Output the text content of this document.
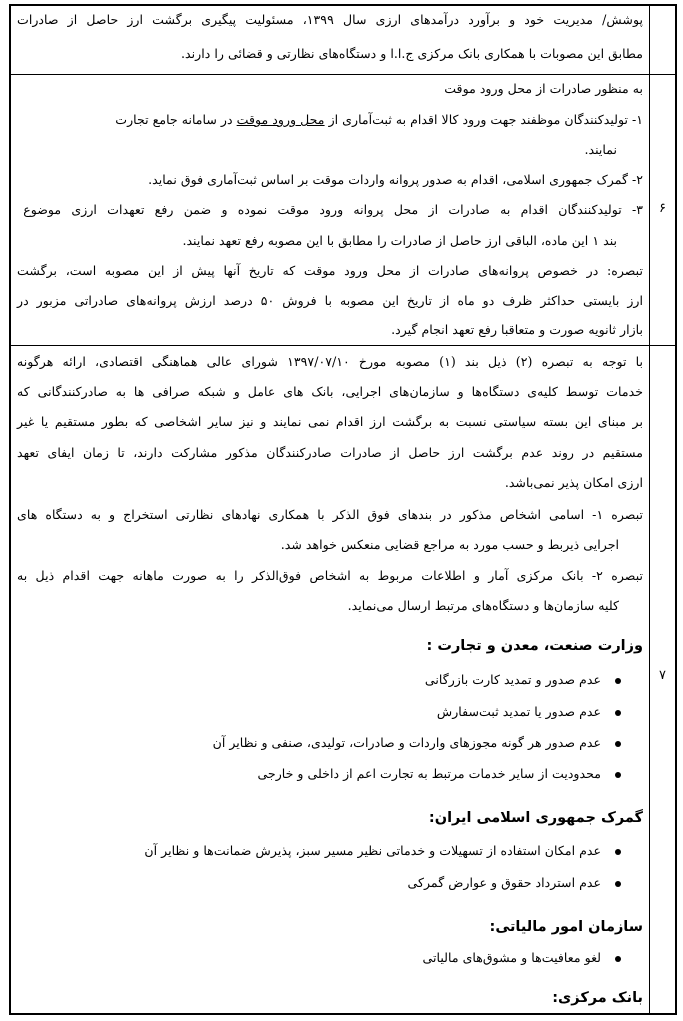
پوشش/ مدیریت خود و برآورد درآمدهای ارزی سال ۱۳۹۹، مسئولیت پیگیری برگشت ارز حاصل از صادرات
مطابق این مصوبات با همکاری بانک مرکزی ج.ا.ا و دستگاه‌های نظارتی و قضائی را دارند.
۶
به منظور صادرات از محل ورود موقت
۱- تولیدکنندگان موظفند جهت ورود کالا اقدام به ثبت‌آماری از محل ورود موقت در سامانه جامع تجارت
نمایند.
۲- گمرک جمهوری اسلامی، اقدام به صدور پروانه واردات موقت بر اساس ثبت‌آماری فوق نماید.
۳- تولیدکنندگان اقدام به صادرات از محل پروانه ورود موقت نموده و ضمن رفع تعهدات ارزی موضوع
بند ۱ این ماده، الباقی ارز حاصل از صادرات را مطابق با این مصوبه رفع تعهد نمایند.
تبصره: در خصوص پروانه‌های صادرات از محل ورود موقت که تاریخ آنها پیش از این مصوبه است، برگشت
ارز بایستی حداکثر ظرف دو ماه از تاریخ این مصوبه با فروش ۵۰ درصد ارزش پروانه‌های صادراتی مزبور در
بازار ثانویه صورت و متعاقبا رفع تعهد انجام گیرد.
۷
با توجه به تبصره (۲) ذیل بند (۱) مصوبه مورخ ۱۳۹۷/۰۷/۱۰ شورای عالی هماهنگی اقتصادی، ارائه هرگونه
خدمات توسط کلیه‌ی دستگاه‌ها و سازمان‌های اجرایی، بانک های عامل و شبکه صرافی ها به صادرکنندگانی که
بر مبنای این بسته سیاستی نسبت به برگشت ارز اقدام نمی نمایند و نیز سایر اشخاصی که بطور مستقیم یا غیر
مستقیم در روند عدم برگشت ارز حاصل از صادرات صادرکنندگان مذکور مشارکت دارند، تا زمان ایفای تعهد
ارزی امکان پذیر نمی‌باشد.
تبصره ۱- اسامی اشخاص مذکور در بندهای فوق الذکر با همکاری نهادهای نظارتی استخراج و به دستگاه های
اجرایی ذیربط و حسب مورد به مراجع قضایی منعکس خواهد شد.
تبصره ۲- بانک مرکزی آمار و اطلاعات مربوط به اشخاص فوق‌الذکر را به صورت ماهانه جهت اقدام ذیل به
کلیه سازمان‌ها و دستگاه‌های مرتبط ارسال می‌نماید.
وزارت صنعت، معدن و تجارت :
عدم صدور و تمدید کارت بازرگانی
عدم صدور یا تمدید ثبت‌سفارش
عدم صدور هر گونه مجوزهای واردات و صادرات، تولیدی، صنفی و نظایر آن
محدودیت از سایر خدمات مرتبط به تجارت اعم از داخلی و خارجی
گمرک جمهوری اسلامی ایران:
عدم امکان استفاده از تسهیلات و خدماتی نظیر مسیر سبز، پذیرش ضمانت‌ها و نظایر آن
عدم استرداد حقوق و عوارض گمرکی
سازمان امور مالیاتی:
لغو معافیت‌ها و مشوق‌های مالیاتی
بانک مرکزی:
